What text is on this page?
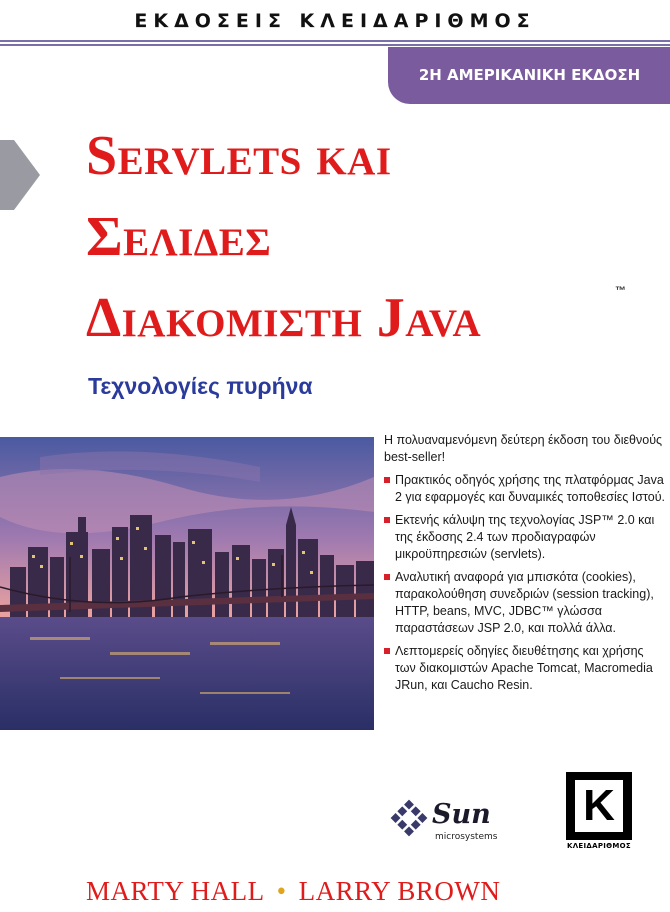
ΕΚΔΟΣΕΙΣ ΚΛΕΙΔΑΡΙΘΜΟΣ
2Η ΑΜΕΡΙΚΑΝΙΚΗ ΕΚΔΟΣΗ
Servlets και
Σελιδες
Διακομιστη Java	™
Τεχνολογίες πυρήνα

Η πολυαναμενόμενη δεύτερη έκδοση του διεθνούς best-seller!

Πρακτικός οδηγός χρήσης της πλατφόρμας Java 2 για εφαρμογές και δυναμικές τοποθεσίες Ιστού.

Εκτενής κάλυψη της τεχνολογίας JSP™ 2.0 και της έκδοσης 2.4 των προδιαγραφών μικροϋπηρεσιών (servlets).

Αναλυτική αναφορά για μπισκότα (cookies), παρακολούθηση συνεδριών (session tracking), HTTP, beans, MVC, JDBC™ γλώσσα παραστάσεων JSP 2.0, και πολλά άλλα.

Λεπτομερείς οδηγίες διευθέτησης και χρήσης των διακομιστών Apache Tomcat, Macromedia JRun, και Caucho Resin.

Sun
microsystems
K
ΚΛΕΙΔΑΡΙΘΜΟΣ
MARTY HALL • LARRY BROWN
